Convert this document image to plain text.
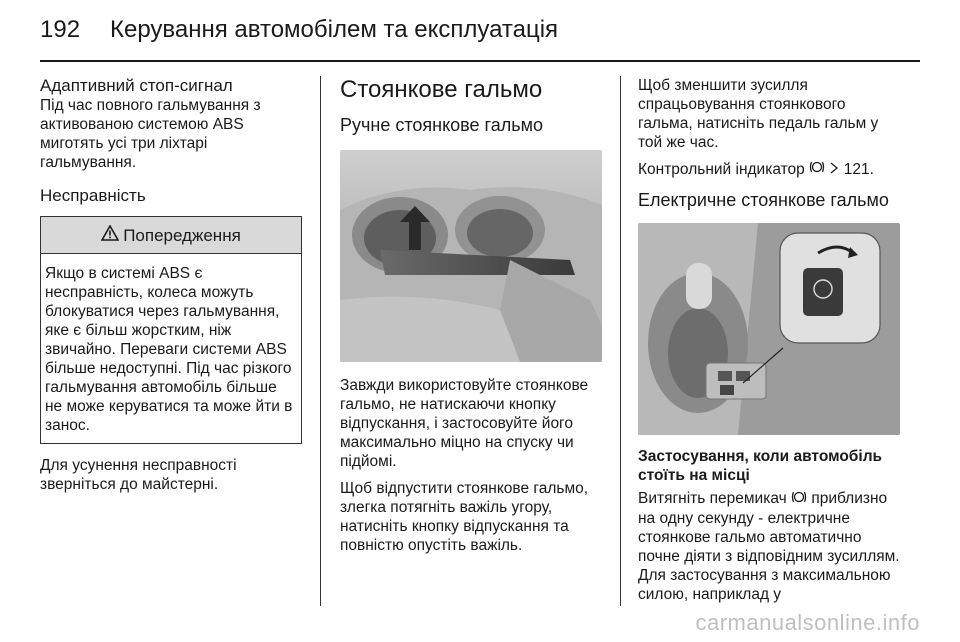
192 Керування автомобілем та експлуатація
Адаптивний стоп-сигнал

Під час повного гальмування з активованою системою ABS миготять усі три ліхтарі гальмування.

Несправність
Попередження
Якщо в системі ABS є несправність, колеса можуть блокуватися через гальмування, яке є більш жорстким, ніж звичайно. Переваги системи ABS більше недоступні. Під час різкого гальмування автомобіль більше не може керуватися та може йти в занос.

Для усунення несправності зверніться до майстерні.

Стоянкове гальмо
Ручне стоянкове гальмо

Завжди використовуйте стоянкове гальмо, не натискаючи кнопку відпускання, і застосовуйте його максимально міцно на спуску чи підйомі.

Щоб відпустити стоянкове гальмо, злегка потягніть важіль угору, натисніть кнопку відпускання та повністю опустіть важіль.

Щоб зменшити зусилля спрацьовування стоянкового гальма, натисніть педаль гальм у той же час.

Контрольний індикатор	121.

Електричне стоянкове гальмо

Застосування, коли автомобіль стоїть на місці

Витягніть перемикач приблизно на одну секунду - електричне стоянкове гальмо автоматично почне діяти з відповідним зусиллям. Для застосування з максимальною силою, наприклад у

carmanualsonline.info
